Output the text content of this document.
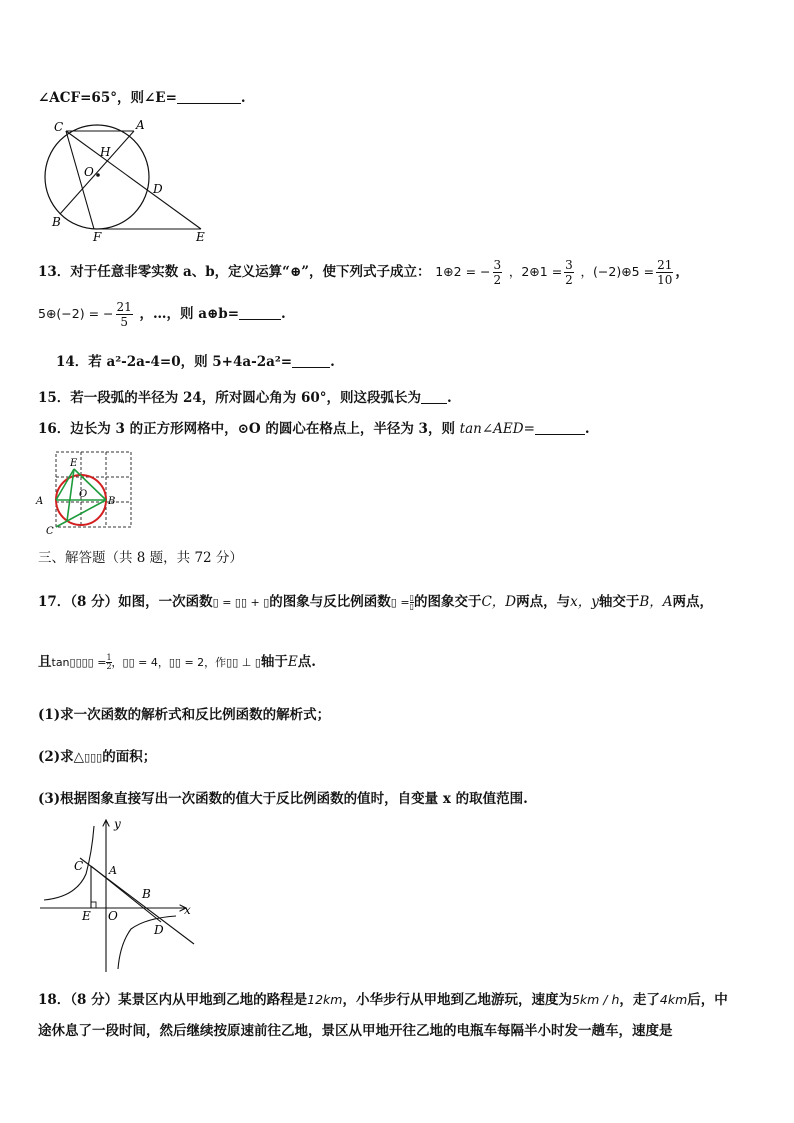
∠ACF=65°，则∠E=	.
C	A
H
O
D
B
F	E
13．对于任意非零实数 a、b，定义运算“⊕”，使下列式子成立： 1⊕2 = − $\frac{3}{2}$ ，2⊕1 = $\frac{3}{2}$ ，(−2)⊕5 = $\frac{21}{10}$ ，
5⊕(−2) = − $\frac{21}{5}$ ，…，则 a⊕b=	.
14．若 a²-2a-4=0，则 5+4a-2a²=	.
15．若一段弧的半径为 24，所对圆心角为 60°，则这段弧长为 .
16．边长为 3 的正方形网格中，⊙O 的圆心在格点上，半径为 3，则 tan∠AED=	.
E
A
O
B
C
三、解答题（共 8 题，共 72 分）
17．（8 分）如图，一次函数▯ = ▯▯ + ▯的图象与反比例函数▯ = $\frac{▯}{▯}$的图象交于C，D两点，与x，y轴交于B，A两点，
且tan▯▯▯▯ = $\frac{1}{2}$，▯▯ = 4，▯▯ = 2，作▯▯ ⊥ ▯轴于E点.
(1)求一次函数的解析式和反比例函数的解析式；
(2)求△▯▯▯的面积；
(3)根据图象直接写出一次函数的值大于反比例函数的值时，自变量 x 的取值范围.
y
C A
B
x
E O
D
18．（8 分）某景区内从甲地到乙地的路程是12km，小华步行从甲地到乙地游玩，速度为5km / h，走了4km后，中
途休息了一段时间，然后继续按原速前往乙地，景区从甲地开往乙地的电瓶车每隔半小时发一趟车，速度是
